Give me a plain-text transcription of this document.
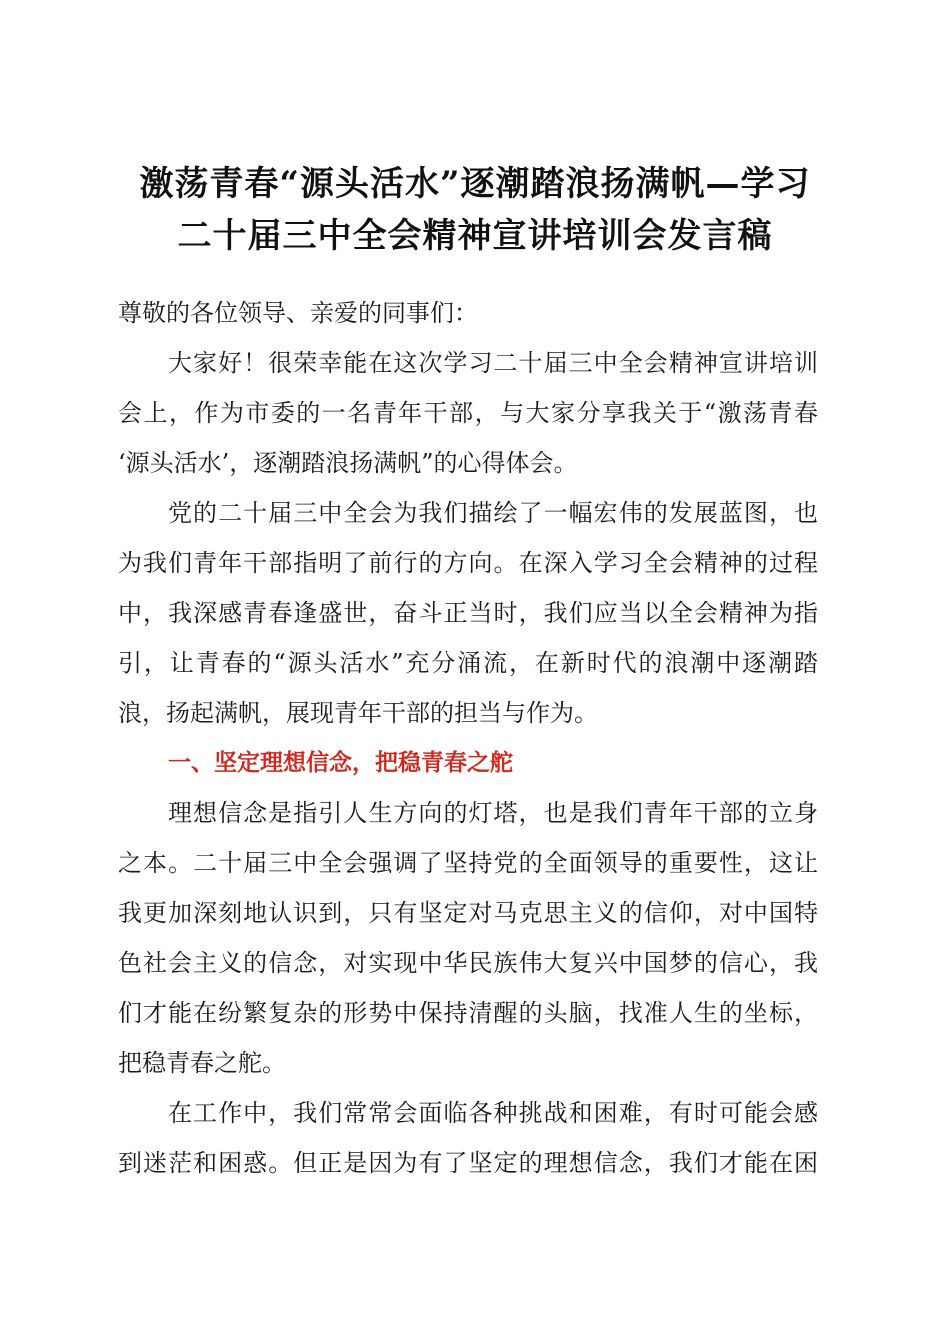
激荡青春“源头活水”逐潮踏浪扬满帆—学习
二十届三中全会精神宣讲培训会发言稿
尊敬的各位领导、亲爱的同事们：
大家好！很荣幸能在这次学习二十届三中全会精神宣讲培训
会上，作为市委的一名青年干部，与大家分享我关于“激荡青春
‘源头活水’，逐潮踏浪扬满帆”的心得体会。
党的二十届三中全会为我们描绘了一幅宏伟的发展蓝图，也
为我们青年干部指明了前行的方向。在深入学习全会精神的过程
中，我深感青春逢盛世，奋斗正当时，我们应当以全会精神为指
引，让青春的“源头活水”充分涌流，在新时代的浪潮中逐潮踏
浪，扬起满帆，展现青年干部的担当与作为。
一、坚定理想信念，把稳青春之舵
理想信念是指引人生方向的灯塔，也是我们青年干部的立身
之本。二十届三中全会强调了坚持党的全面领导的重要性，这让
我更加深刻地认识到，只有坚定对马克思主义的信仰，对中国特
色社会主义的信念，对实现中华民族伟大复兴中国梦的信心，我
们才能在纷繁复杂的形势中保持清醒的头脑，找准人生的坐标，
把稳青春之舵。
在工作中，我们常常会面临各种挑战和困难，有时可能会感
到迷茫和困惑。但正是因为有了坚定的理想信念，我们才能在困
